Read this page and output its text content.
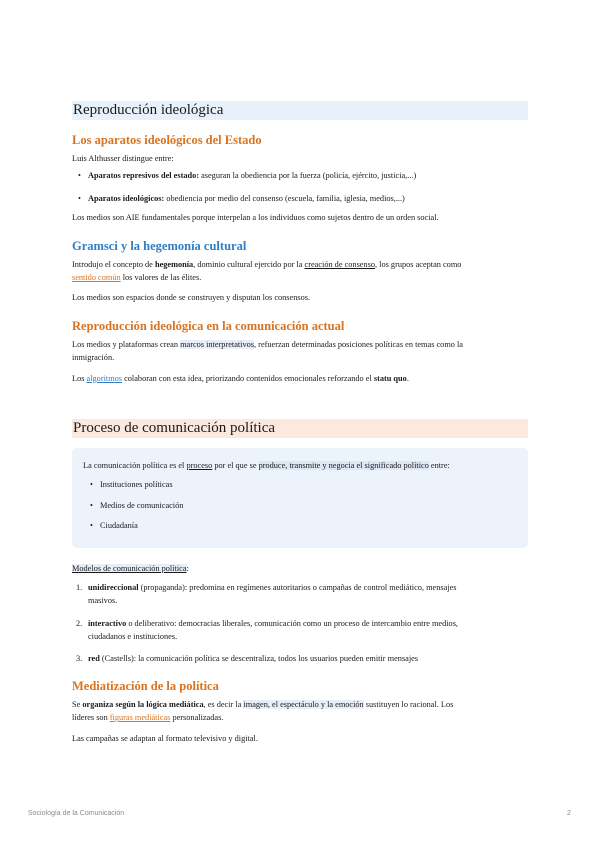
Reproducción ideológica
Los aparatos ideológicos del Estado
Luis Althusser distingue entre:
• Aparatos represivos del estado: aseguran la obediencia por la fuerza (policía, ejército, justicia,...)
• Aparatos ideológicos: obediencia por medio del consenso (escuela, familia, iglesia, medios,...)
Los medios son AIE fundamentales porque interpelan a los individuos como sujetos dentro de un orden social.
Gramsci y la hegemonía cultural
Introdujo el concepto de hegemonía, dominio cultural ejercido por la creación de consenso, los grupos aceptan como
sentido común los valores de las élites.
Los medios son espacios donde se construyen y disputan los consensos.
Reproducción ideológica en la comunicación actual
Los medios y plataformas crean marcos interpretativos, refuerzan determinadas posiciones políticas en temas como la
inmigración.
Los algoritmos colaboran con esta idea, priorizando contenidos emocionales reforzando el statu quo.
Proceso de comunicación política
La comunicación política es el proceso por el que se produce, transmite y negocia el significado político entre:
• Instituciones políticas
• Medios de comunicación
• Ciudadanía
Modelos de comunicación política:
1. unidireccional (propaganda): predomina en regímenes autoritarios o campañas de control mediático, mensajes
masivos.
2. interactivo o deliberativo: democracias liberales, comunicación como un proceso de intercambio entre medios,
ciudadanos e instituciones.
3. red (Castells): la comunicación política se descentraliza, todos los usuarios pueden emitir mensajes
Mediatización de la política
Se organiza según la lógica mediática, es decir la imagen, el espectáculo y la emoción sustituyen lo racional. Los
líderes son figuras mediáticas personalizadas.
Las campañas se adaptan al formato televisivo y digital.
Sociología de la Comunicación	2
